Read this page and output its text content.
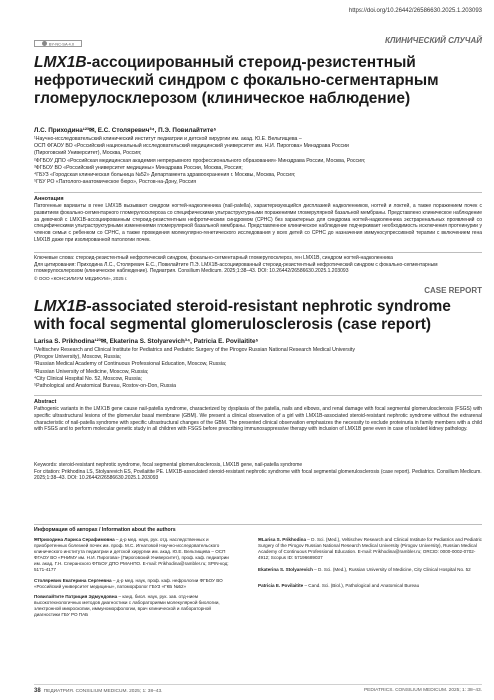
https://doi.org/10.26442/26586630.2025.1.203093
BY-NC-SA 4.0	КЛИНИЧЕСКИЙ СЛУЧАЙ
LMX1B-ассоциированный стероид-резистентный нефротический синдром с фокально-сегментарным гломерулосклерозом (клиническое наблюдение)
Л.С. Приходина¹²³✉, Е.С. Столяревич³⁴, П.Э. Повилайтите⁵
¹Научно-исследовательский клинический институт педиатрии и детской хирургии им. акад. Ю.Е. Вельтищева –
ОСП ФГАОУ ВО «Российский национальный исследовательский медицинский университет им. Н.И. Пирогова» Минздрава России
(Пироговский Университет), Москва, Россия;
²ФГБОУ ДПО «Российская медицинская академия непрерывного профессионального образования» Минздрава России, Москва, Россия;
³ФГБОУ ВО «Российский университет медицины» Минздрава России, Москва, Россия;
⁴ГБУЗ «Городская клиническая больница №52» Департамента здравоохранения г. Москвы, Москва, Россия;
⁵ГБУ РО «Патолого-анатомическое бюро», Ростов-на-Дону, Россия
Аннотация
Патогенные варианты в гене LMX1B вызывают синдром ногтей-надколенника (nail-patella), характеризующийся дисплазией надколенников, ногтей и локтей, а также поражением почек с развитием фокально-сегментарного гломерулосклероза со специфическими ультраструктурными поражениями гломерулярной базальной мембраны. Представлено клиническое наблюдение за девочкой с LMX1B-ассоциированным стероид-резистентным нефротическим синдромом (СРНС) без характерных для синдрома ногтей-надколенника экстраренальных проявлений со специфическими ультраструктурными изменениями гломерулярной базальной мембраны. Представленное клиническое наблюдение подчеркивает необходимость исключения протеинурии у членов семьи с ребенком со СРНС, а также проведения молекулярно-генетического исследования у всех детей со СРНС до назначения иммуносупрессивной терапии с включением гена LMX1B даже при изолированной патологии почек.
Ключевые слова: стероид-резистентный нефротический синдром, фокально-сегментарный гломерулосклероз, ген LMX1B, синдром ногтей-надколенника
Для цитирования: Приходина Л.С., Столяревич Е.С., Повилайтите П.Э. LMX1B-ассоциированный стероид-резистентный нефротический синдром с фокально-сегментарным гломерулосклерозом (клиническое наблюдение). Педиатрия. Consilium Medicum. 2025;1:38–43. DOI: 10.26442/26586630.2025.1.203093
© ООО «КОНСИЛИУМ МЕДИКУМ», 2025 г.
CASE REPORT
LMX1B-associated steroid-resistant nephrotic syndrome with focal segmental glomerulosclerosis (case report)
Larisa S. Prikhodina¹²³✉, Ekaterina S. Stolyarevich³⁴, Patricia E. Povilaitite⁵
¹Veltischev Research and Clinical Institute for Pediatrics and Pediatric Surgery of the Pirogov Russian National Research Medical University
(Pirogov University), Moscow, Russia;
²Russian Medical Academy of Continuous Professional Education, Moscow, Russia;
³Russian University of Medicine, Moscow, Russia;
⁴City Clinical Hospital No. 52, Moscow, Russia;
⁵Pathological and Anatomical Bureau, Rostov-on-Don, Russia
Abstract
Pathogenic variants in the LMX1B gene cause nail-patella syndrome, characterized by dysplasia of the patella, nails and elbows, and renal damage with focal segmental glomerulosclerosis (FSGS) with specific ultrastructural lesions of the glomerular basal membrane (GBM). We present a clinical observation of a girl with LMX1B-associated steroid-resistant nephrotic syndrome without the extrarenal characteristic of nail-patella syndrome with specific ultrastructural changes of the GBM. The presented clinical observation emphasizes the necessity to exclude proteinuria in family members with a child with FSGS and to perform molecular genetic study in all children with FSGS before prescribing immunosuppressive therapy with inclusion of LMX1B gene even in case of isolated kidney pathology.
Keywords: steroid-resistant nephrotic syndrome, focal segmental glomerulosclerosis, LMX1B gene, nail-patella syndrome
For citation: Prikhodina LS, Stolyarevich ES, Povilaitite PE. LMX1B-associated steroid-resistant nephrotic syndrome with focal segmental glomerulosclerosis (case report). Pediatrics. Consilium Medicum. 2025;1:38–43. DOI: 10.26442/26586630.2025.1.203093
Информация об авторах / Information about the authors

✉Приходина Лариса Серафимовна – д-р мед. наук, рук. отд. наследственных и приобретенных болезней почек им. проф. М.С. Игнатовой Научно-исследовательского клинического института педиатрии и детской хирургии им. акад. Ю.Е. Вельтищева – ОСП ФГАОУ ВО «РНИМУ им. Н.И. Пирогова» (Пироговский Университет), проф. каф. педиатрии им. акад. Г.Н. Сперанского ФГБОУ ДПО РМАНПО. E-mail: Prikhodina@rambler.ru; SPIN-код: 5171-4177

Столяревич Екатерина Сергеевна – д-р мед. наук, проф. каф. нефрологии ФГБОУ ВО «Российский университет медицины», патоморфолог ГБУЗ «ГКБ №52»

Повилайтите Патриция Эдмундовна – канд. биол. наук, рук. зав. отд-нием высокотехнологичных методов диагностики с лабораториями молекулярной биологии, электронной микроскопии, иммуноморфологии, врач клинической и лабораторной диагностики ГБУ РО ПАБ

✉Larisa S. Prikhodina – D. Sci. (Med.), Veltischev Research and Clinical Institute for Pediatrics and Pediatric Surgery of the Pirogov Russian National Research Medical University (Pirogov University), Russian Medical Academy of Continuous Professional Education. E-mail: Prikhodina@rambler.ru; ORCID: 0000-0002-0702-4912; Scopus ID: 57196689037

Ekaterina S. Stolyarevich – D. Sci. (Med.), Russian University of Medicine, City Clinical Hospital No. 52

Patricia E. Povilaitite – Cand. Sci. (Biol.), Pathological and Anatomical Bureau

38 ПЕДИАТРИЯ. CONSILIUM MEDICUM. 2025; 1: 38–43.	PEDIATRICS. CONSILIUM MEDICUM. 2025; 1: 38–43.
